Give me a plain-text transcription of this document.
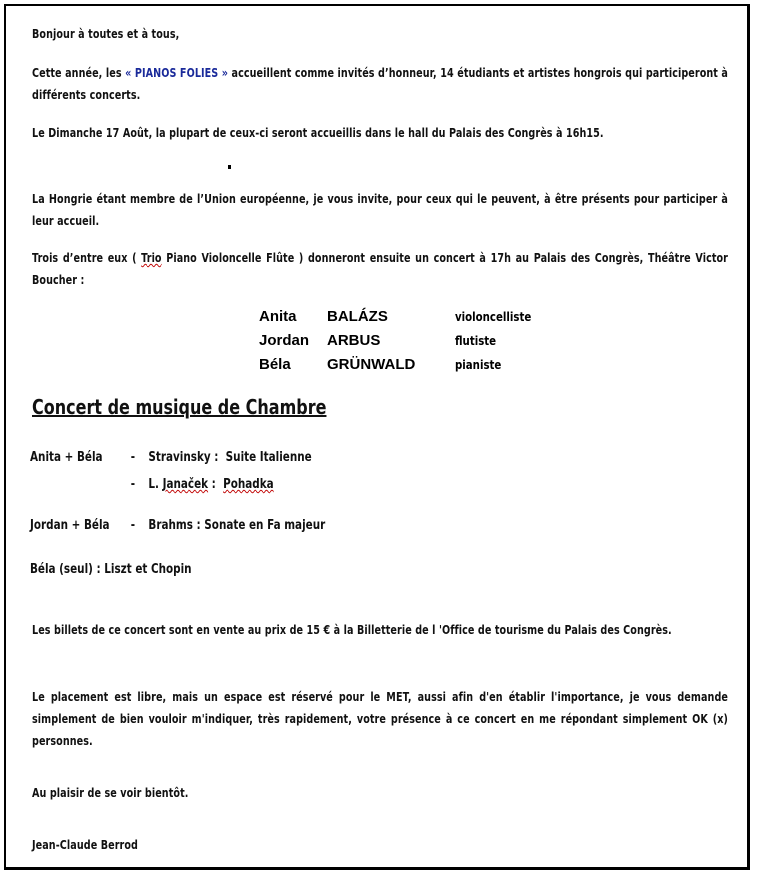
Bonjour à toutes et à tous,
Cette année, les « PIANOS FOLIES » accueillent comme invités d’honneur, 14 étudiants et artistes hongrois qui participeront à différents concerts.
Le Dimanche 17 Août, la plupart de ceux-ci seront accueillis dans le hall du Palais des Congrès à 16h15.
La Hongrie étant membre de l’Union européenne, je vous invite, pour ceux qui le peuvent, à être présents pour participer à leur accueil.
Trois d’entre eux ( Trio Piano Violoncelle Flûte ) donneront ensuite un concert à 17h au Palais des Congrès, Théâtre Victor Boucher :
Anita BALÁZS	violoncelliste
Jordan ARBUS	flutiste
Béla GRÜNWALD	pianiste
Concert de musique de Chambre
Anita + Béla - Stravinsky : Suite Italienne
- L. Janaček : Pohadka
Jordan + Béla - Brahms : Sonate en Fa majeur
Béla (seul) : Liszt et Chopin
Les billets de ce concert sont en vente au prix de 15 € à la Billetterie de l 'Office de tourisme du Palais des Congrès.
Le placement est libre, mais un espace est réservé pour le MET, aussi afin d'en établir l'importance, je vous demande simplement de bien vouloir m'indiquer, très rapidement, votre présence à ce concert en me répondant simplement OK (x) personnes.
Au plaisir de se voir bientôt.
Jean-Claude Berrod
